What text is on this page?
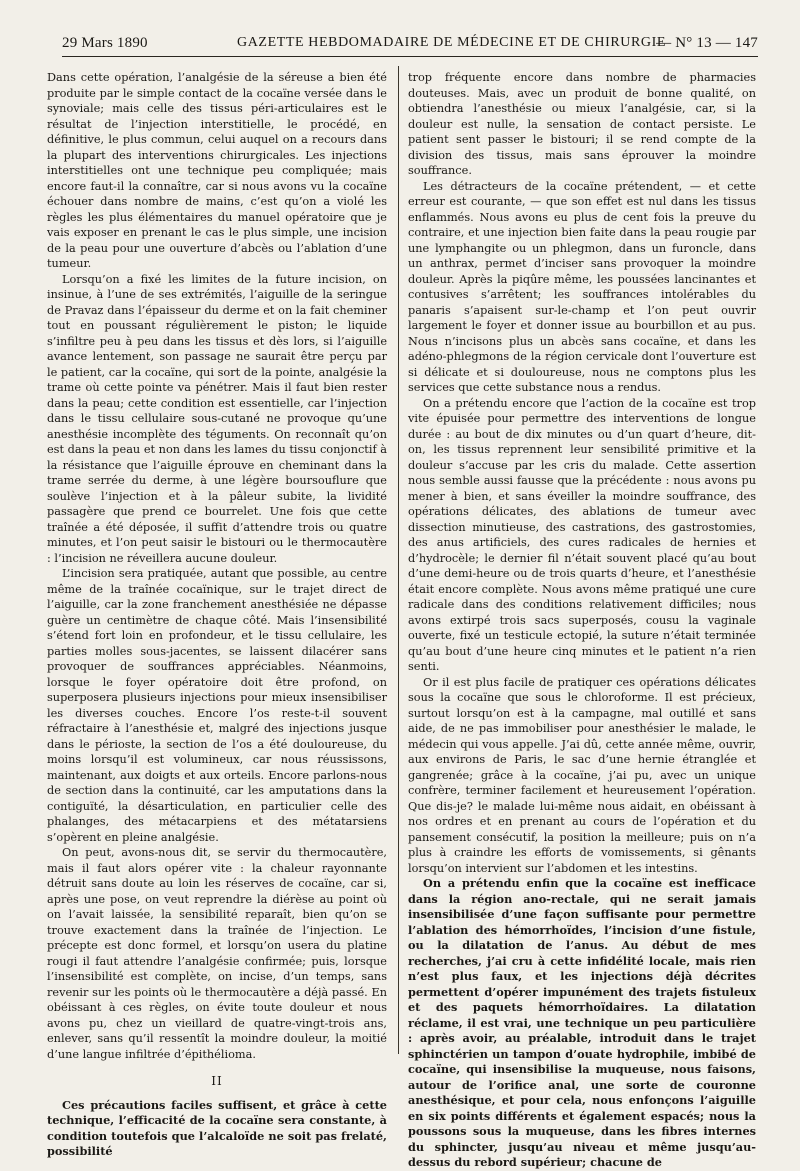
29 Mars 1890	GAZETTE HEBDOMADAIRE DE MÉDECINE ET DE CHIRURGIE
— N° 13 — 147

Dans cette opération, l’analgésie de la séreuse a bien été produite par le simple contact de la cocaïne versée dans le synoviale; mais celle des tissus péri-articulaires est le résultat de l’injection interstitielle, le procédé, en définitive, le plus commun, celui auquel on a recours dans la plupart des interventions chirurgicales. Les injections interstitielles ont une technique peu compliquée; mais encore faut-il la connaître, car si nous avons vu la cocaïne échouer dans nombre de mains, c’est qu’on a violé les règles les plus élémentaires du manuel opératoire que je vais exposer en prenant le cas le plus simple, une incision de la peau pour une ouverture d’abcès ou l’ablation d’une tumeur.

Lorsqu’on a fixé les limites de la future incision, on insinue, à l’une de ses extrémités, l’aiguille de la seringue de Pravaz dans l’épaisseur du derme et on la fait cheminer tout en poussant régulièrement le piston; le liquide s’infiltre peu à peu dans les tissus et dès lors, si l’aiguille avance lentement, son passage ne saurait être perçu par le patient, car la cocaïne, qui sort de la pointe, analgésie la trame où cette pointe va pénétrer. Mais il faut bien rester dans la peau; cette condition est essentielle, car l’injection dans le tissu cellulaire sous-cutané ne provoque qu’une anesthésie incomplète des téguments. On reconnaît qu’on est dans la peau et non dans les lames du tissu conjonctif à la résistance que l’aiguille éprouve en cheminant dans la trame serrée du derme, à une légère boursouflure que soulève l’injection et à la pâleur subite, la lividité passagère que prend ce bourrelet. Une fois que cette traînée a été déposée, il suffit d’attendre trois ou quatre minutes, et l’on peut saisir le bistouri ou le thermocautère : l’incision ne réveillera aucune douleur.

L’incision sera pratiquée, autant que possible, au centre même de la traînée cocaïnique, sur le trajet direct de l’aiguille, car la zone franchement anesthésiée ne dépasse guère un centimètre de chaque côté. Mais l’insensibilité s’étend fort loin en profondeur, et le tissu cellulaire, les parties molles sous-jacentes, se laissent dilacérer sans provoquer de souffrances appréciables. Néanmoins, lorsque le foyer opératoire doit être profond, on superposera plusieurs injections pour mieux insensibiliser les diverses couches. Encore l’os reste-t-il souvent réfractaire à l’anesthésie et, malgré des injections jusque dans le périoste, la section de l’os a été douloureuse, du moins lorsqu’il est volumineux, car nous réussissons, maintenant, aux doigts et aux orteils. Encore parlons-nous de section dans la continuité, car les amputations dans la contiguïté, la désarticulation, en particulier celle des phalanges, des métacarpiens et des métatarsiens s’opèrent en pleine analgésie.

On peut, avons-nous dit, se servir du thermocautère, mais il faut alors opérer vite : la chaleur rayonnante détruit sans doute au loin les réserves de cocaïne, car si, après une pose, on veut reprendre la diérèse au point où on l’avait laissée, la sensibilité reparaît, bien qu’on se trouve exactement dans la traînée de l’injection. Le précepte est donc formel, et lorsqu’on usera du platine rougi il faut attendre l’analgésie confirmée; puis, lorsque l’insensibilité est complète, on incise, d’un temps, sans revenir sur les points où le thermocautère a déjà passé. En obéissant à ces règles, on évite toute douleur et nous avons pu, chez un vieillard de quatre-vingt-trois ans, enlever, sans qu’il ressentît la moindre douleur, la moitié d’une langue infiltrée d’épithélioma.

II

Ces précautions faciles suffisent, et grâce à cette technique, l’efficacité de la cocaïne sera constante, à condition toutefois que l’alcaloïde ne soit pas frelaté, possibilité

trop fréquente encore dans nombre de pharmacies douteuses. Mais, avec un produit de bonne qualité, on obtiendra l’anesthésie ou mieux l’analgésie, car, si la douleur est nulle, la sensation de contact persiste. Le patient sent passer le bistouri; il se rend compte de la division des tissus, mais sans éprouver la moindre souffrance.

Les détracteurs de la cocaïne prétendent, — et cette erreur est courante, — que son effet est nul dans les tissus enflammés. Nous avons eu plus de cent fois la preuve du contraire, et une injection bien faite dans la peau rougie par une lymphangite ou un phlegmon, dans un furoncle, dans un anthrax, permet d’inciser sans provoquer la moindre douleur. Après la piqûre même, les poussées lancinantes et contusives s’arrêtent; les souffrances intolérables du panaris s’apaisent sur-le-champ et l’on peut ouvrir largement le foyer et donner issue au bourbillon et au pus. Nous n’incisons plus un abcès sans cocaïne, et dans les adéno-phlegmons de la région cervicale dont l’ouverture est si délicate et si douloureuse, nous ne comptons plus les services que cette substance nous a rendus.

On a prétendu encore que l’action de la cocaïne est trop vite épuisée pour permettre des interventions de longue durée : au bout de dix minutes ou d’un quart d’heure, dit-on, les tissus reprennent leur sensibilité primitive et la douleur s’accuse par les cris du malade. Cette assertion nous semble aussi fausse que la précédente : nous avons pu mener à bien, et sans éveiller la moindre souffrance, des opérations délicates, des ablations de tumeur avec dissection minutieuse, des castrations, des gastrostomies, des anus artificiels, des cures radicales de hernies et d’hydrocèle; le dernier fil n’était souvent placé qu’au bout d’une demi-heure ou de trois quarts d’heure, et l’anesthésie était encore complète. Nous avons même pratiqué une cure radicale dans des conditions relativement difficiles; nous avons extirpé trois sacs superposés, cousu la vaginale ouverte, fixé un testicule ectopié, la suture n’était terminée qu’au bout d’une heure cinq minutes et le patient n’a rien senti.

Or il est plus facile de pratiquer ces opérations délicates sous la cocaïne que sous le chloroforme. Il est précieux, surtout lorsqu’on est à la campagne, mal outillé et sans aide, de ne pas immobiliser pour anesthésier le malade, le médecin qui vous appelle. J’ai dû, cette année même, ouvrir, aux environs de Paris, le sac d’une hernie étranglée et gangrenée; grâce à la cocaïne, j’ai pu, avec un unique confrère, terminer facilement et heureusement l’opération. Que dis-je? le malade lui-même nous aidait, en obéissant à nos ordres et en prenant au cours de l’opération et du pansement consécutif, la position la meilleure; puis on n’a plus à craindre les efforts de vomissements, si gênants lorsqu’on intervient sur l’abdomen et les intestins.

On a prétendu enfin que la cocaïne est inefficace dans la région ano-rectale, qui ne serait jamais insensibilisée d’une façon suffisante pour permettre l’ablation des hémorrhoïdes, l’incision d’une fistule, ou la dilatation de l’anus. Au début de mes recherches, j’ai cru à cette infidélité locale, mais rien n’est plus faux, et les injections déjà décrites permettent d’opérer impunément des trajets fistuleux et des paquets hémorrhoïdaires. La dilatation réclame, il est vrai, une technique un peu particulière : après avoir, au préalable, introduit dans le trajet sphinctérien un tampon d’ouate hydrophile, imbibé de cocaïne, qui insensibilise la muqueuse, nous faisons, autour de l’orifice anal, une sorte de couronne anesthésique, et pour cela, nous enfonçons l’aiguille en six points différents et également espacés; nous la poussons sous la muqueuse, dans les fibres internes du sphincter, jusqu’au niveau et même jusqu’au-dessus du rebord supérieur; chacune de
